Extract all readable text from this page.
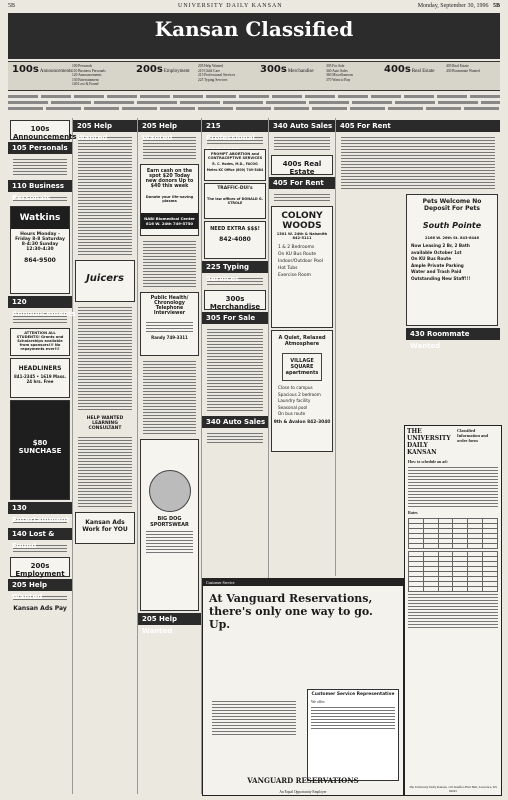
5B	UNIVERSITY DAILY KANSAN	Monday, September 30, 1996 5B
Kansan Classified
100s Announcements
100 Personals
110 Business Personals
120 Announcements
130 Entertainment
140 Lost & Found
200s Employment
205 Help Wanted
210 Child Care
215 Professional Services
225 Typing Services
300s Merchandise
305 For Sale
340 Auto Sales
360 Miscellaneous
370 Want to Buy
400s Real Estate
405 Real Estate
430 Roommate Wanted
100s Announcements
105 Personals
110 Business Personals
Watkins
Hours Monday - Friday 8-8 Saturday 8-4:30 Sunday 12:30-4:30
864-9500
120 Announcements
ATTENTION ALL STUDENTS! Grants and Scholarships available from sponsors!!! No repayments ever!!!
HEADLINERS
841-2345 • 1619 Mass. 24 hrs. Free
$80 SUNCHASE
130 Entertainment
140 Lost & Found
200s Employment
205 Help Wanted
Kansan Ads Pay
205 Help Wanted
Juicers
HELP WANTED LEARNING CONSULTANT
Kansan Ads Work for YOU
205 Help Wanted
Earn cash on the spot $20 Today new donors Up to $40 this week
Donate your life-saving plasma
NABI Biomedical Center 816 W. 24th 749-5750
Public Health/ Chronology Telephone Interviewer
Randy 749-3311
BIG DOG SPORTSWEAR
205 Help Wanted
215 Professional
PROMPT ABORTION and CONTRACEPTIVE SERVICES
R. C. Hodes, M.D., FACOG
Metro KC Office (800) 749-5484
TRAFFIC-DUI's
The law offices of DONALD G. STROLE
NEED EXTRA $$$!
842-4080
225 Typing Services
300s Merchandise
305 For Sale
340 Auto Sales
340 Auto Sales
400s Real Estate
405 For Rent
COLONY WOODS
1301 W. 24th & Naismith 842-5111
1 & 2 Bedrooms
On KU Bus Route
Indoor/Outdoor Pool
Hot Tubs
Exercise Room
A Quiet, Relaxed Atmosphere
VILLAGE SQUARE apartments
Close to campus
Spacious 2 bedroom
Laundry facility
Seasonal pool
On bus route
9th & Avalon 842-3040
405 For Rent
Pets Welcome No Deposit For Pets
South Pointe
2166 W. 26th St. 843-6446
Now Leasing 2 Br, 2 Bath
available October 1st
On KU Bus Route
Ample Private Parking
Water and Trash Paid
Outstanding New Staff!!!
430 Roommate Wanted
Customer Service
At Vanguard Reservations, there's only one way to go. Up.
Customer Service Representative
We offer:
VANGUARD RESERVATIONS
An Equal Opportunity Employer
THE UNIVERSITY DAILY KANSAN
Classified Information and order form
How to schedule an ad:
Rates

The University Daily Kansan, 119 Stauffer-Flint Hall, Lawrence, KS 66045
